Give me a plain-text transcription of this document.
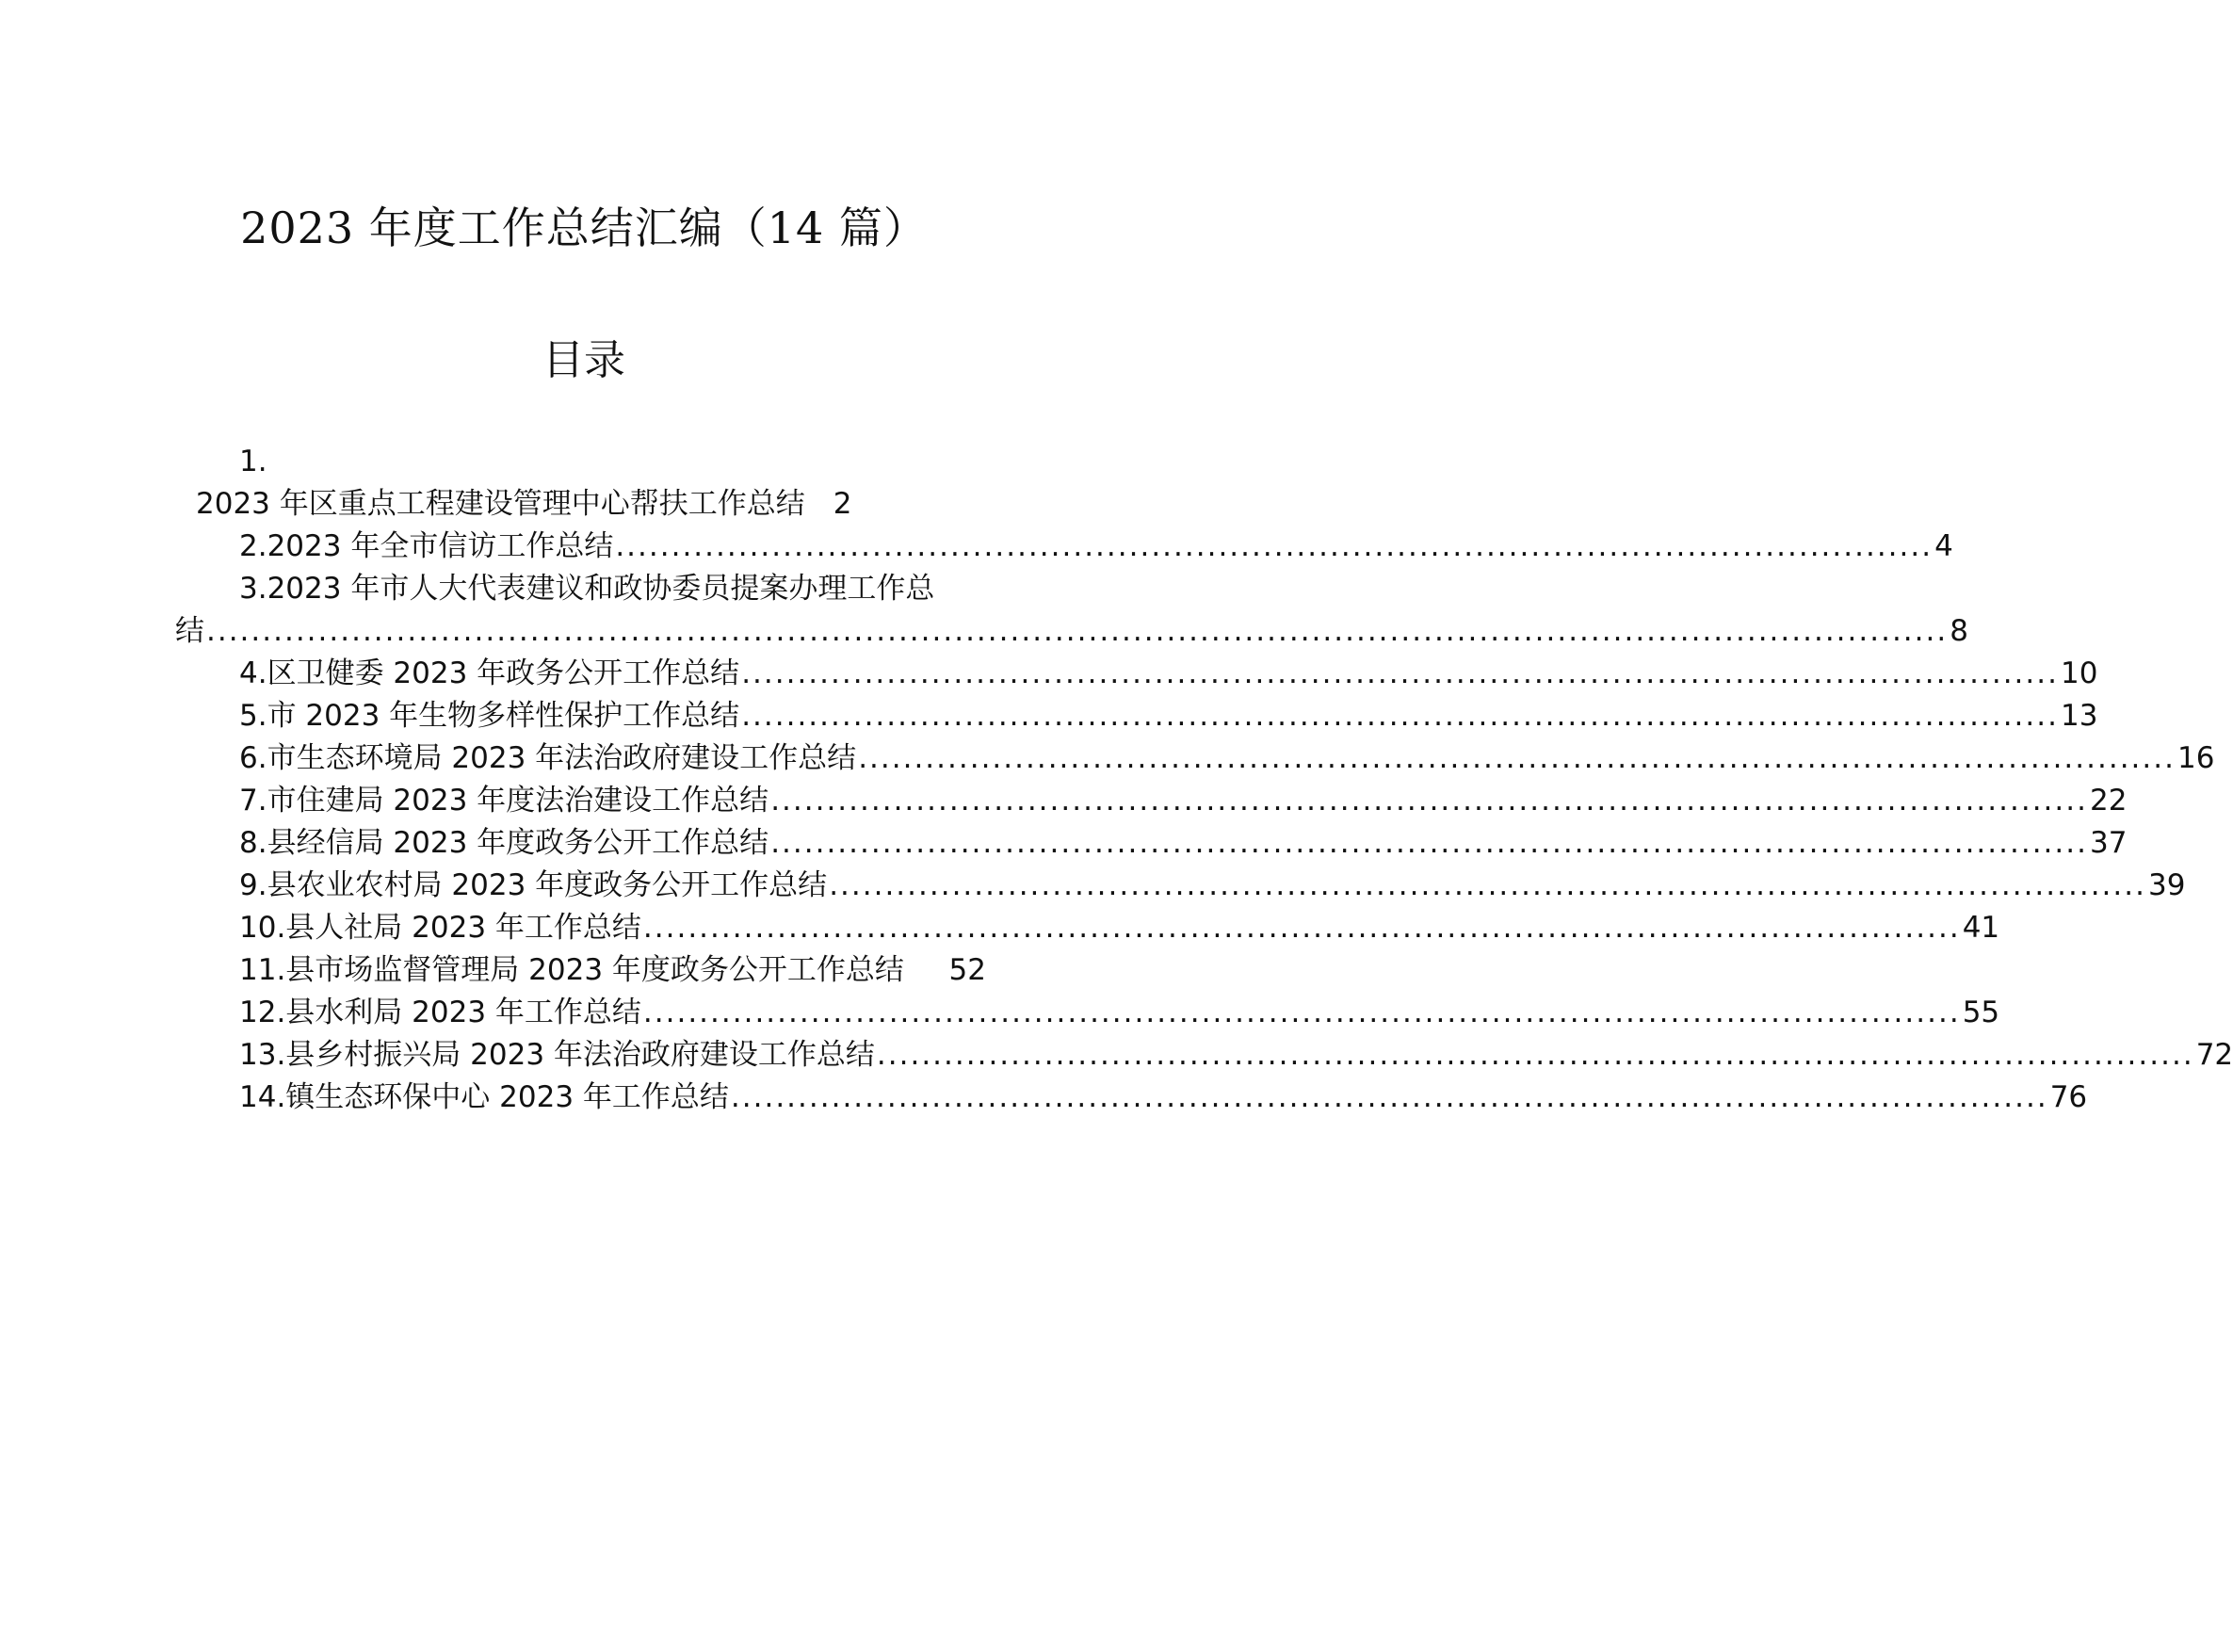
2023 年度工作总结汇编（14 篇）
目录
1.
2023 年区重点工程建设管理中心帮扶工作总结 2
2.2023 年全市信访工作总结 ...................................................................................................................... 4
3.2023 年市人大代表建议和政协委员提案办理工作总
结 ............................................................................................................................................................ 8
4.区卫健委 2023 年政务公开工作总结 ...................................................................................................................... 10
5.市 2023 年生物多样性保护工作总结 ...................................................................................................................... 13
6.市生态环境局 2023 年法治政府建设工作总结 ...................................................................................................................... 16
7.市住建局 2023 年度法治建设工作总结 ...................................................................................................................... 22
8.县经信局 2023 年度政务公开工作总结 ...................................................................................................................... 37
9.县农业农村局 2023 年度政务公开工作总结 ...................................................................................................................... 39
10.县人社局 2023 年工作总结 ...................................................................................................................... 41
11.县市场监督管理局 2023 年度政务公开工作总结 52
12.县水利局 2023 年工作总结 ...................................................................................................................... 55
13.县乡村振兴局 2023 年法治政府建设工作总结 ...................................................................................................................... 72
14.镇生态环保中心 2023 年工作总结 ...................................................................................................................... 76
